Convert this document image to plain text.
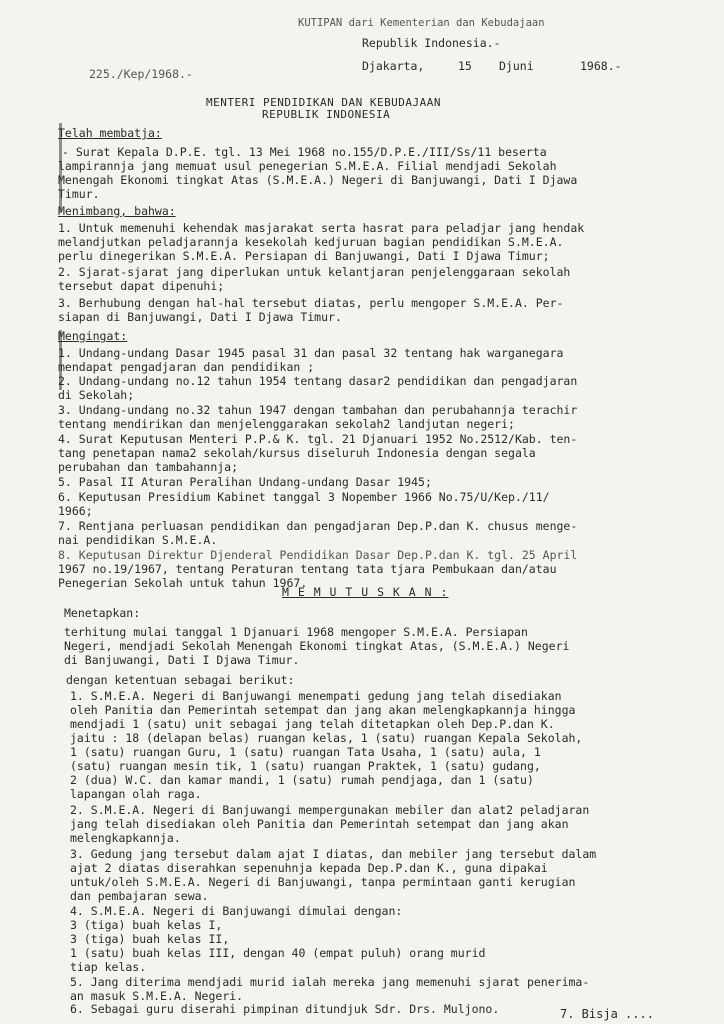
KUTIPAN dari Kementerian dan Kebudajaan
Republik Indonesia.-
Djakarta,	15 Djuni	1968.-
225./Kep/1968.-
MENTERI PENDIDIKAN DAN KEBUDAJAAN
REPUBLIK INDONESIA
Telah membatja:
- Surat Kepala D.P.E. tgl. 13 Mei 1968 no.155/D.P.E./III/Ss/11 beserta
lampirannja jang memuat usul penegerian S.M.E.A. Filial mendjadi Sekolah
Menengah Ekonomi tingkat Atas (S.M.E.A.) Negeri di Banjuwangi, Dati I Djawa
Timur.
Menimbang, bahwa:
1. Untuk memenuhi kehendak masjarakat serta hasrat para peladjar jang hendak
melandjutkan peladjarannja kesekolah kedjuruan bagian pendidikan S.M.E.A.
perlu dinegerikan S.M.E.A. Persiapan di Banjuwangi, Dati I Djawa Timur;
2. Sjarat-sjarat jang diperlukan untuk kelantjaran penjelenggaraan sekolah
tersebut dapat dipenuhi;
3. Berhubung dengan hal-hal tersebut diatas, perlu mengoper S.M.E.A. Per-
siapan di Banjuwangi, Dati I Djawa Timur.
Mengingat:
1. Undang-undang Dasar 1945 pasal 31 dan pasal 32 tentang hak warganegara
mendapat pengadjaran dan pendidikan ;
2. Undang-undang no.12 tahun 1954 tentang dasar2 pendidikan dan pengadjaran
di Sekolah;
3. Undang-undang no.32 tahun 1947 dengan tambahan dan perubahannja terachir
tentang mendirikan dan menjelenggarakan sekolah2 landjutan negeri;
4. Surat Keputusan Menteri P.P.& K. tgl. 21 Djanuari 1952 No.2512/Kab. ten-
tang penetapan nama2 sekolah/kursus diseluruh Indonesia dengan segala
perubahan dan tambahannja;
5. Pasal II Aturan Peralihan Undang-undang Dasar 1945;
6. Keputusan Presidium Kabinet tanggal 3 Nopember 1966 No.75/U/Kep./11/
1966;
7. Rentjana perluasan pendidikan dan pengadjaran Dep.P.dan K. chusus menge-
nai pendidikan S.M.E.A.
8. Keputusan Direktur Djenderal Pendidikan Dasar Dep.P.dan K. tgl. 25 April
1967 no.19/1967, tentang Peraturan tentang tata tjara Pembukaan dan/atau
Penegerian Sekolah untuk tahun 1967.
M E M U T U S K A N :
Menetapkan:
terhitung mulai tanggal 1 Djanuari 1968 mengoper S.M.E.A. Persiapan
Negeri, mendjadi Sekolah Menengah Ekonomi tingkat Atas, (S.M.E.A.) Negeri
di Banjuwangi, Dati I Djawa Timur.
dengan ketentuan sebagai berikut:
1. S.M.E.A. Negeri di Banjuwangi menempati gedung jang telah disediakan
oleh Panitia dan Pemerintah setempat dan jang akan melengkapkannja hingga
mendjadi 1 (satu) unit sebagai jang telah ditetapkan oleh Dep.P.dan K.
jaitu : 18 (delapan belas) ruangan kelas, 1 (satu) ruangan Kepala Sekolah,
1 (satu) ruangan Guru, 1 (satu) ruangan Tata Usaha, 1 (satu) aula, 1
(satu) ruangan mesin tik, 1 (satu) ruangan Praktek, 1 (satu) gudang,
2 (dua) W.C. dan kamar mandi, 1 (satu) rumah pendjaga, dan 1 (satu)
lapangan olah raga.
2. S.M.E.A. Negeri di Banjuwangi mempergunakan mebiler dan alat2 peladjaran
jang telah disediakan oleh Panitia dan Pemerintah setempat dan jang akan
melengkapkannja.
3. Gedung jang tersebut dalam ajat I diatas, dan mebiler jang tersebut dalam
ajat 2 diatas diserahkan sepenuhnja kepada Dep.P.dan K., guna dipakai
untuk/oleh S.M.E.A. Negeri di Banjuwangi, tanpa permintaan ganti kerugian
dan pembajaran sewa.
4. S.M.E.A. Negeri di Banjuwangi dimulai dengan:
3 (tiga) buah kelas I,
3 (tiga) buah kelas II,
1 (satu) buah kelas III, dengan 40 (empat puluh) orang murid
tiap kelas.
5. Jang diterima mendjadi murid ialah mereka jang memenuhi sjarat penerima-
an masuk S.M.E.A. Negeri.
6. Sebagai guru diserahi pimpinan ditundjuk Sdr. Drs. Muljono.	7. Bisja ....
